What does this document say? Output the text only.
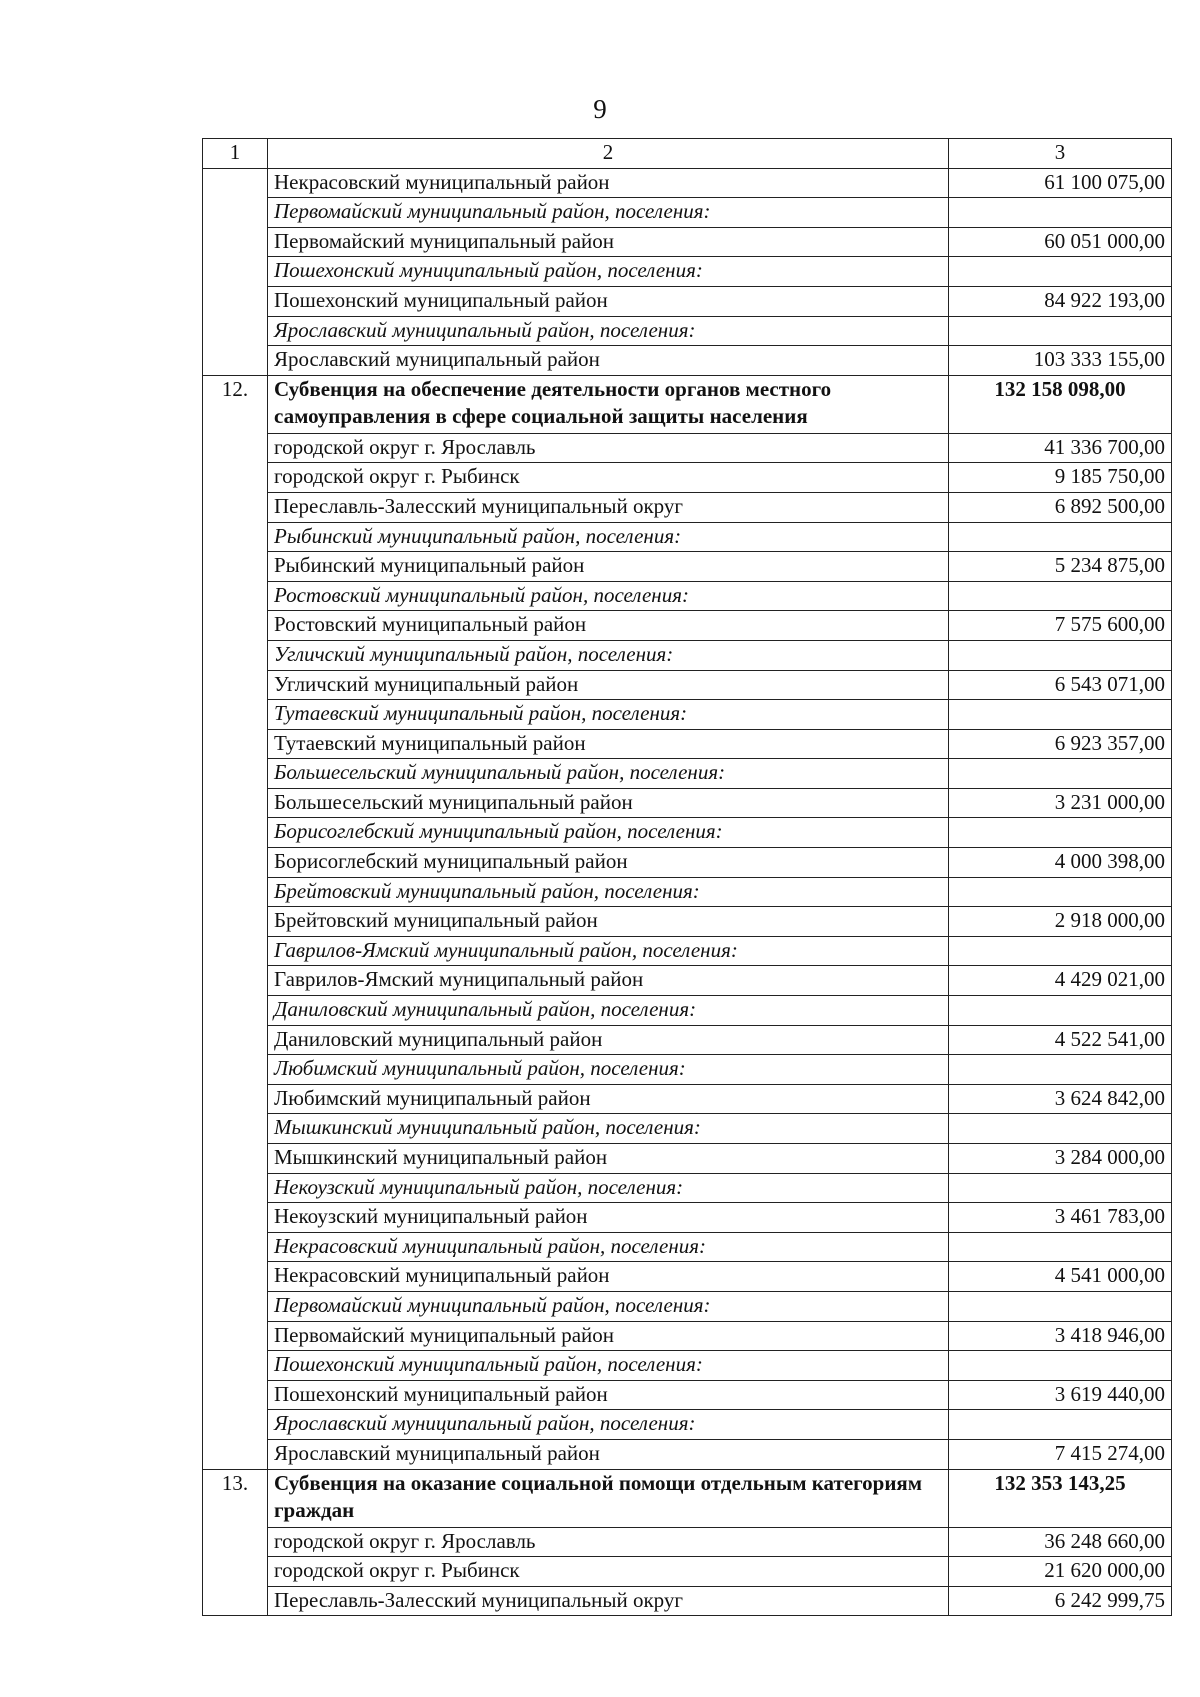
9
1	2	3
	Некрасовский муниципальный район	61 100 075,00
	Первомайский муниципальный район, поселения:	
	Первомайский муниципальный район	60 051 000,00
	Пошехонский муниципальный район, поселения:	
	Пошехонский муниципальный район	84 922 193,00
	Ярославский муниципальный район, поселения:	
	Ярославский муниципальный район	103 333 155,00
12.	Субвенция на обеспечение деятельности органов местного самоуправления в сфере социальной защиты населения	132 158 098,00
	городской округ г. Ярославль	41 336 700,00
	городской округ г. Рыбинск	9 185 750,00
	Переславль-Залесский муниципальный округ	6 892 500,00
	Рыбинский муниципальный район, поселения:	
	Рыбинский муниципальный район	5 234 875,00
	Ростовский муниципальный район, поселения:	
	Ростовский муниципальный район	7 575 600,00
	Угличский муниципальный район, поселения:	
	Угличский муниципальный район	6 543 071,00
	Тутаевский муниципальный район, поселения:	
	Тутаевский муниципальный район	6 923 357,00
	Большесельский муниципальный район, поселения:	
	Большесельский муниципальный район	3 231 000,00
	Борисоглебский муниципальный район, поселения:	
	Борисоглебский муниципальный район	4 000 398,00
	Брейтовский муниципальный район, поселения:	
	Брейтовский муниципальный район	2 918 000,00
	Гаврилов-Ямский муниципальный район, поселения:	
	Гаврилов-Ямский муниципальный район	4 429 021,00
	Даниловский муниципальный район, поселения:	
	Даниловский муниципальный район	4 522 541,00
	Любимский муниципальный район, поселения:	
	Любимский муниципальный район	3 624 842,00
	Мышкинский муниципальный район, поселения:	
	Мышкинский муниципальный район	3 284 000,00
	Некоузский муниципальный район, поселения:	
	Некоузский муниципальный район	3 461 783,00
	Некрасовский муниципальный район, поселения:	
	Некрасовский муниципальный район	4 541 000,00
	Первомайский муниципальный район, поселения:	
	Первомайский муниципальный район	3 418 946,00
	Пошехонский муниципальный район, поселения:	
	Пошехонский муниципальный район	3 619 440,00
	Ярославский муниципальный район, поселения:	
	Ярославский муниципальный район	7 415 274,00
13.	Субвенция на оказание социальной помощи отдельным категориям граждан	132 353 143,25
	городской округ г. Ярославль	36 248 660,00
	городской округ г. Рыбинск	21 620 000,00
	Переславль-Залесский муниципальный округ	6 242 999,75
